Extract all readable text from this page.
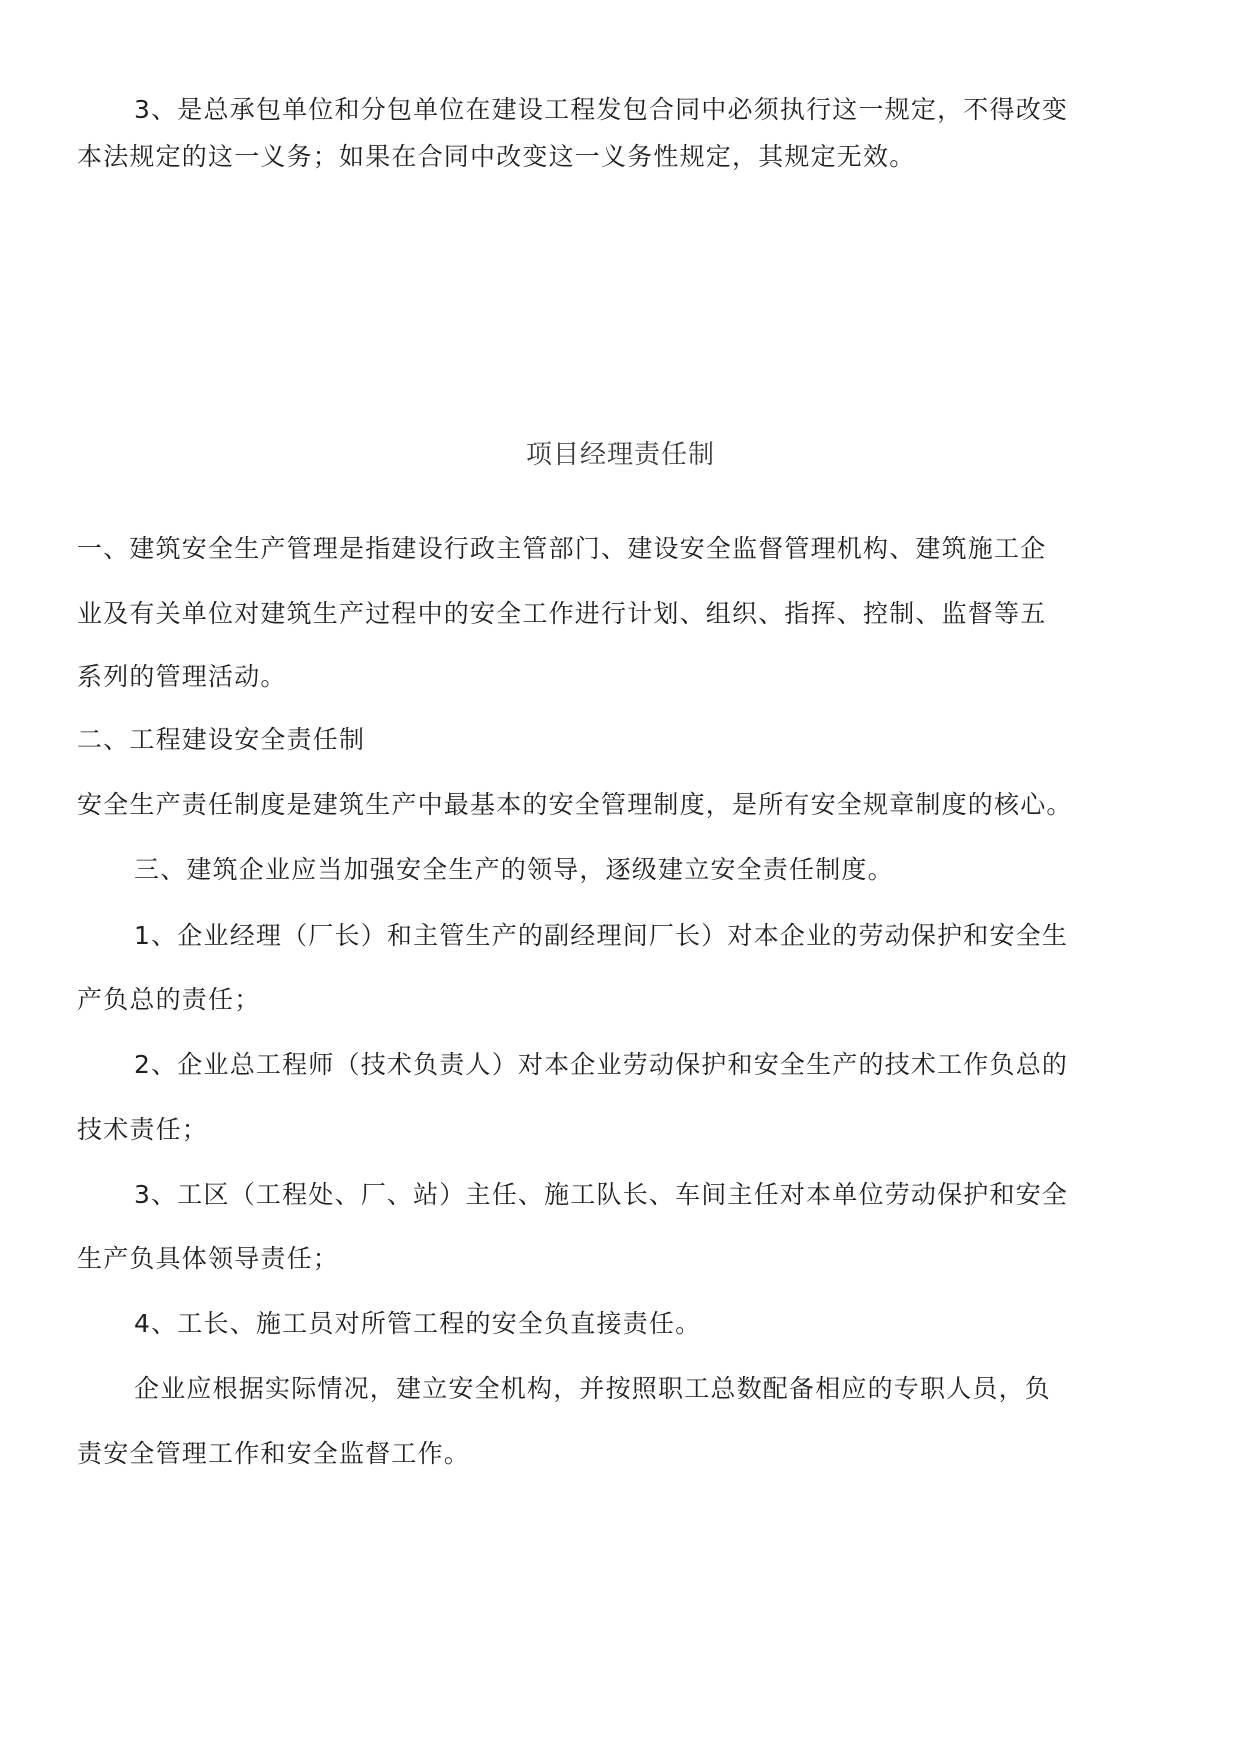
3、是总承包单位和分包单位在建设工程发包合同中必须执行这一规定，不得改变
本法规定的这一义务；如果在合同中改变这一义务性规定，其规定无效。
项目经理责任制
一、建筑安全生产管理是指建设行政主管部门、建设安全监督管理机构、建筑施工企
业及有关单位对建筑生产过程中的安全工作进行计划、组织、指挥、控制、监督等五
系列的管理活动。
二、工程建设安全责任制
安全生产责任制度是建筑生产中最基本的安全管理制度，是所有安全规章制度的核心。
三、建筑企业应当加强安全生产的领导，逐级建立安全责任制度。
1、企业经理（厂长）和主管生产的副经理间厂长）对本企业的劳动保护和安全生
产负总的责任；
2、企业总工程师（技术负责人）对本企业劳动保护和安全生产的技术工作负总的
技术责任；
3、工区（工程处、厂、站）主任、施工队长、车间主任对本单位劳动保护和安全
生产负具体领导责任；
4、工长、施工员对所管工程的安全负直接责任。
企业应根据实际情况，建立安全机构，并按照职工总数配备相应的专职人员，负
责安全管理工作和安全监督工作。
